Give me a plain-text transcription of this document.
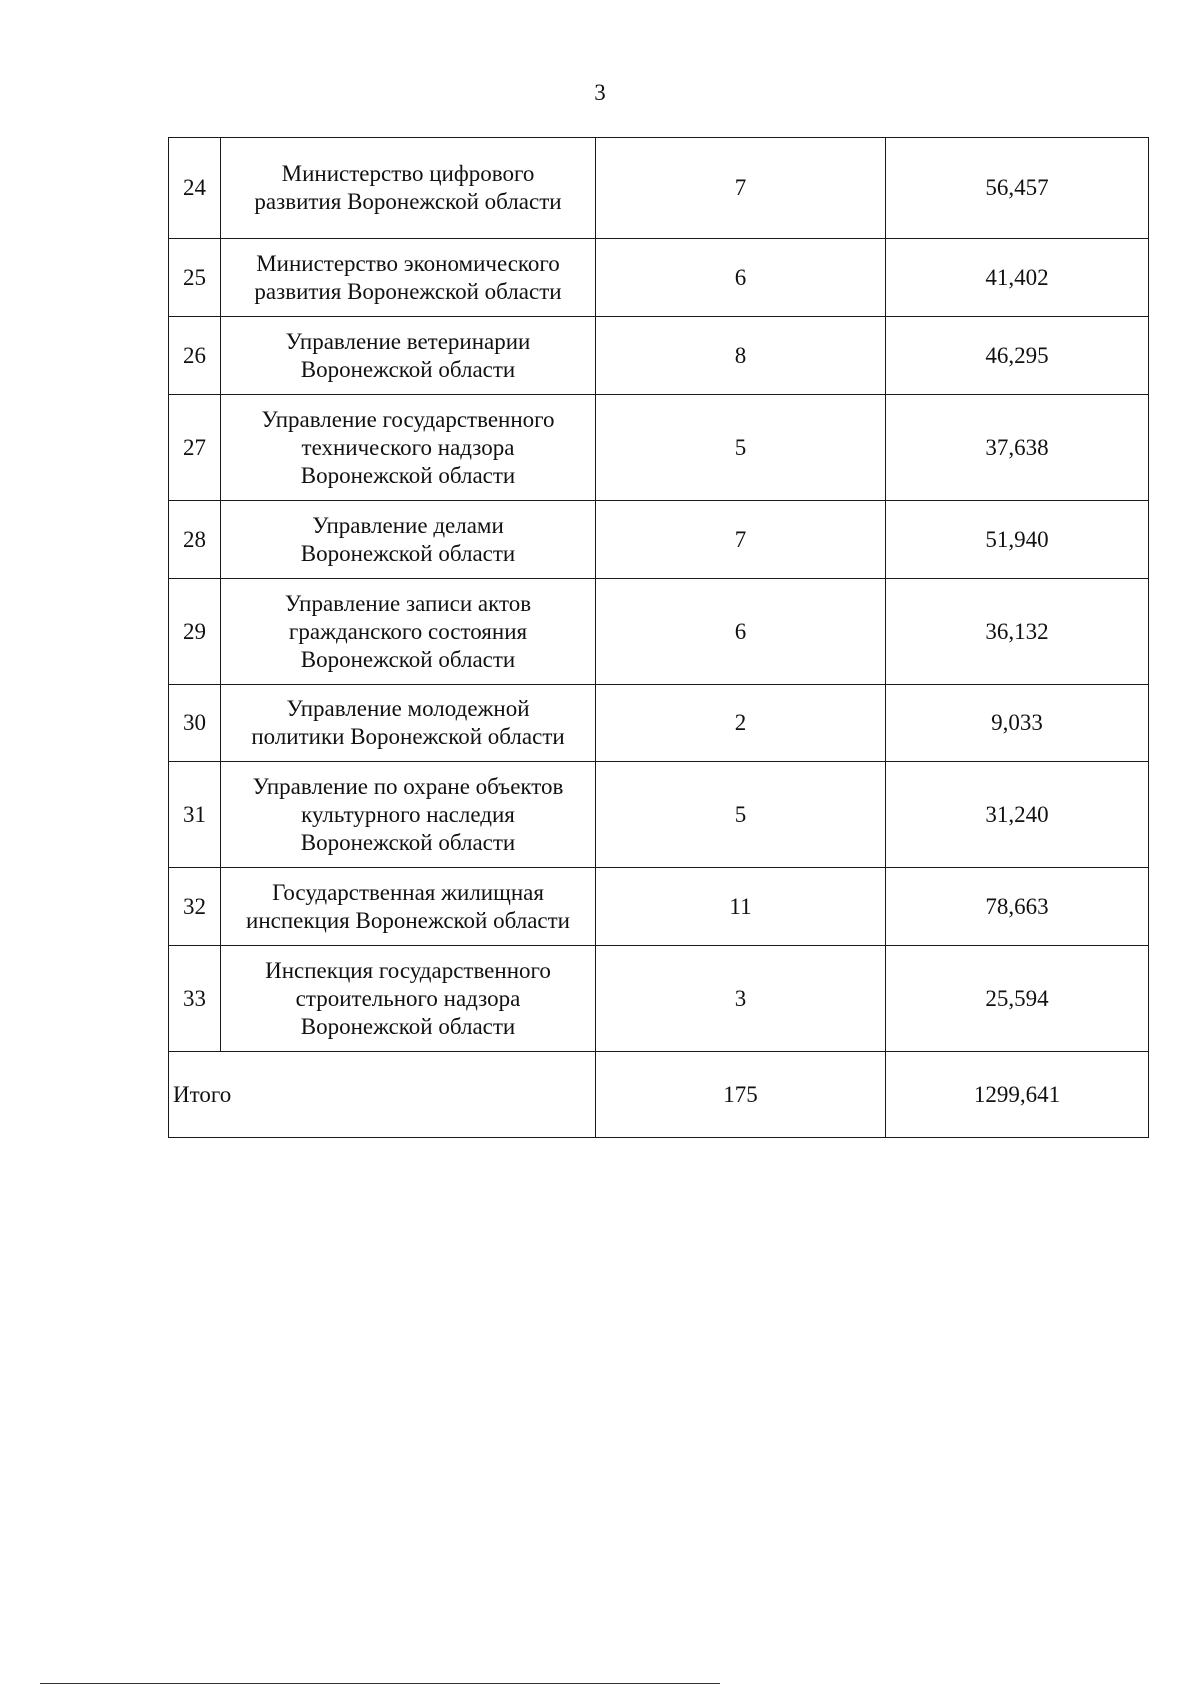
3
24	Министерство цифрового
развития Воронежской области	7	56,457
25	Министерство экономического
развития Воронежской области	6	41,402
26	Управление ветеринарии
Воронежской области	8	46,295
27	Управление государственного
технического надзора
Воронежской области	5	37,638
28	Управление делами
Воронежской области	7	51,940
29	Управление записи актов
гражданского состояния
Воронежской области	6	36,132
30	Управление молодежной
политики Воронежской области	2	9,033
31	Управление по охране объектов
культурного наследия
Воронежской области	5	31,240
32	Государственная жилищная
инспекция Воронежской области	11	78,663
33	Инспекция государственного
строительного надзора
Воронежской области	3	25,594
Итого		175	1299,641
